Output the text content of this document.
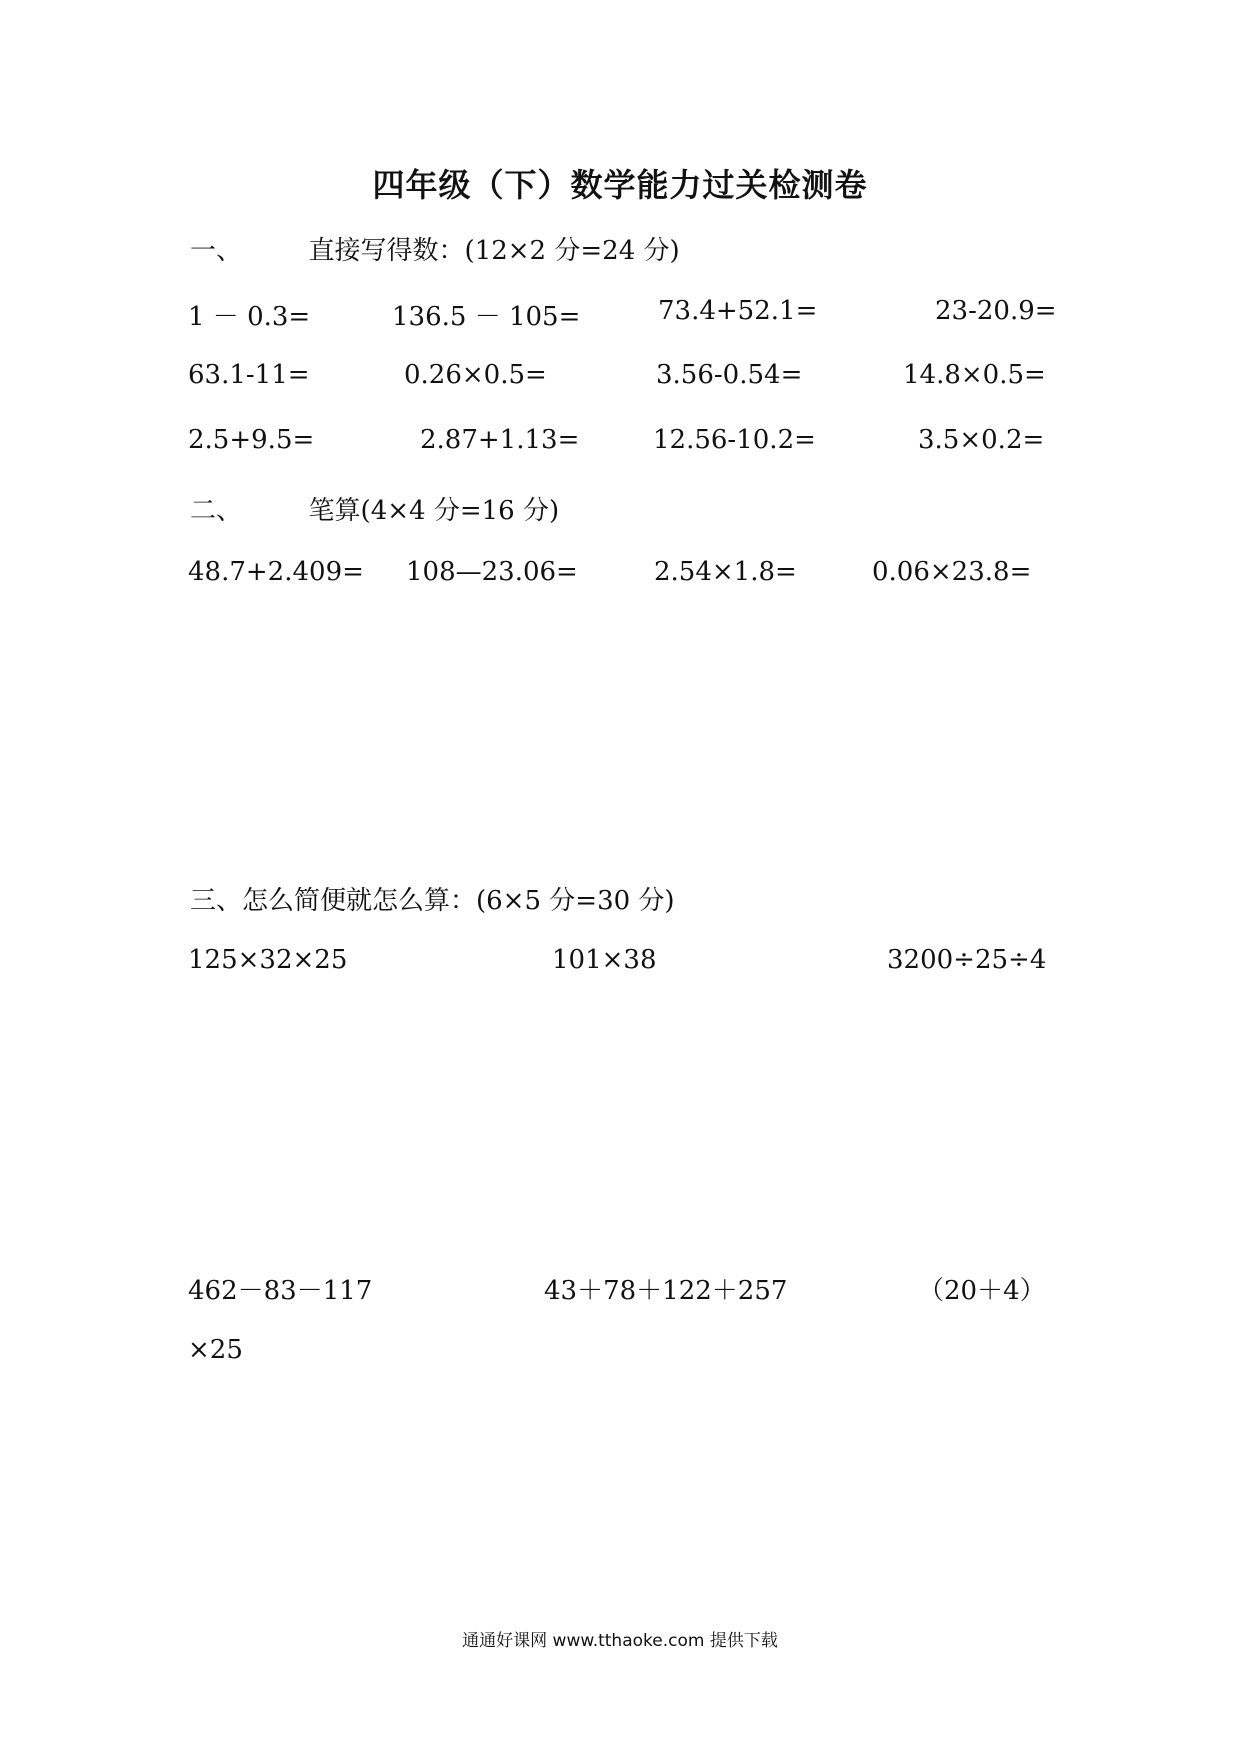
四年级（下）数学能力过关检测卷
一、	直接写得数：(12×2 分=24 分)
1 － 0.3=	136.5 － 105=	73.4+52.1=	23-20.9=
63.1-11=	0.26×0.5=	3.56-0.54=	14.8×0.5=
2.5+9.5=	2.87+1.13=	12.56-10.2=	3.5×0.2=
二、	笔算(4×4 分=16 分)
48.7+2.409= 108—23.06=	2.54×1.8=	0.06×23.8=
三、怎么简便就怎么算：(6×5 分=30 分)
125×32×25	101×38	3200÷25÷4
462－83－117	43＋78＋122＋257	（20＋4）
×25
通通好课网 www.tthaoke.com 提供下载
